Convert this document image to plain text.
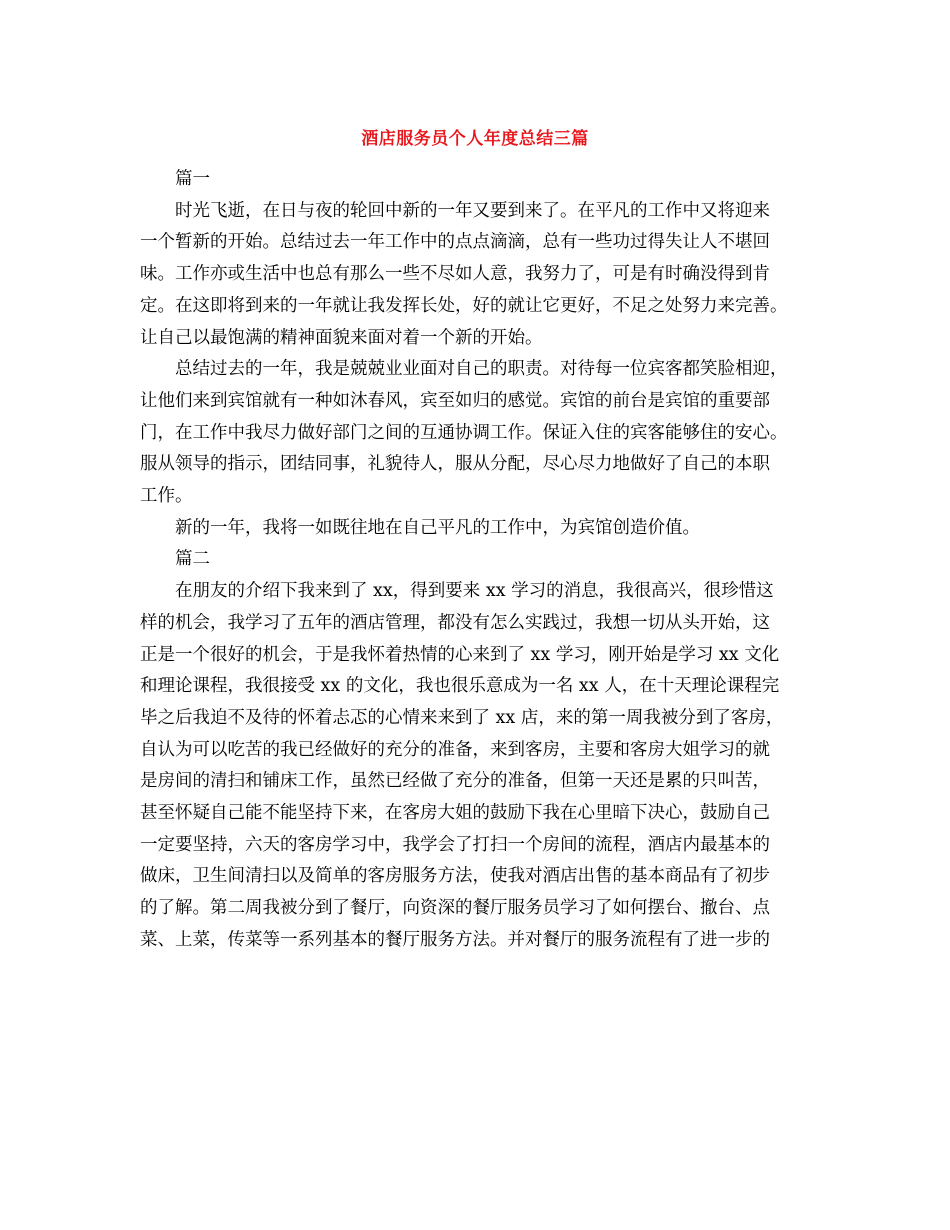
酒店服务员个人年度总结三篇

篇一

时光飞逝，在日与夜的轮回中新的一年又要到来了。在平凡的工作中又将迎来
一个暂新的开始。总结过去一年工作中的点点滴滴，总有一些功过得失让人不堪回
味。工作亦或生活中也总有那么一些不尽如人意，我努力了，可是有时确没得到肯
定。在这即将到来的一年就让我发挥长处，好的就让它更好，不足之处努力来完善。
让自己以最饱满的精神面貌来面对着一个新的开始。

总结过去的一年，我是兢兢业业面对自己的职责。对待每一位宾客都笑脸相迎，
让他们来到宾馆就有一种如沐春风，宾至如归的感觉。宾馆的前台是宾馆的重要部
门，在工作中我尽力做好部门之间的互通协调工作。保证入住的宾客能够住的安心。
服从领导的指示，团结同事，礼貌待人，服从分配，尽心尽力地做好了自己的本职
工作。

新的一年，我将一如既往地在自己平凡的工作中，为宾馆创造价值。

篇二

在朋友的介绍下我来到了 xx，得到要来 xx 学习的消息，我很高兴，很珍惜这
样的机会，我学习了五年的酒店管理，都没有怎么实践过，我想一切从头开始，这
正是一个很好的机会，于是我怀着热情的心来到了 xx 学习，刚开始是学习 xx 文化
和理论课程，我很接受 xx 的文化，我也很乐意成为一名 xx 人，在十天理论课程完
毕之后我迫不及待的怀着忐忑的心情来来到了 xx 店，来的第一周我被分到了客房，
自认为可以吃苦的我已经做好的充分的准备，来到客房，主要和客房大姐学习的就
是房间的清扫和铺床工作，虽然已经做了充分的准备，但第一天还是累的只叫苦，
甚至怀疑自己能不能坚持下来，在客房大姐的鼓励下我在心里暗下决心，鼓励自己
一定要坚持，六天的客房学习中，我学会了打扫一个房间的流程，酒店内最基本的
做床，卫生间清扫以及简单的客房服务方法，使我对酒店出售的基本商品有了初步
的了解。第二周我被分到了餐厅，向资深的餐厅服务员学习了如何摆台、撤台、点
菜、上菜，传菜等一系列基本的餐厅服务方法。并对餐厅的服务流程有了进一步的
